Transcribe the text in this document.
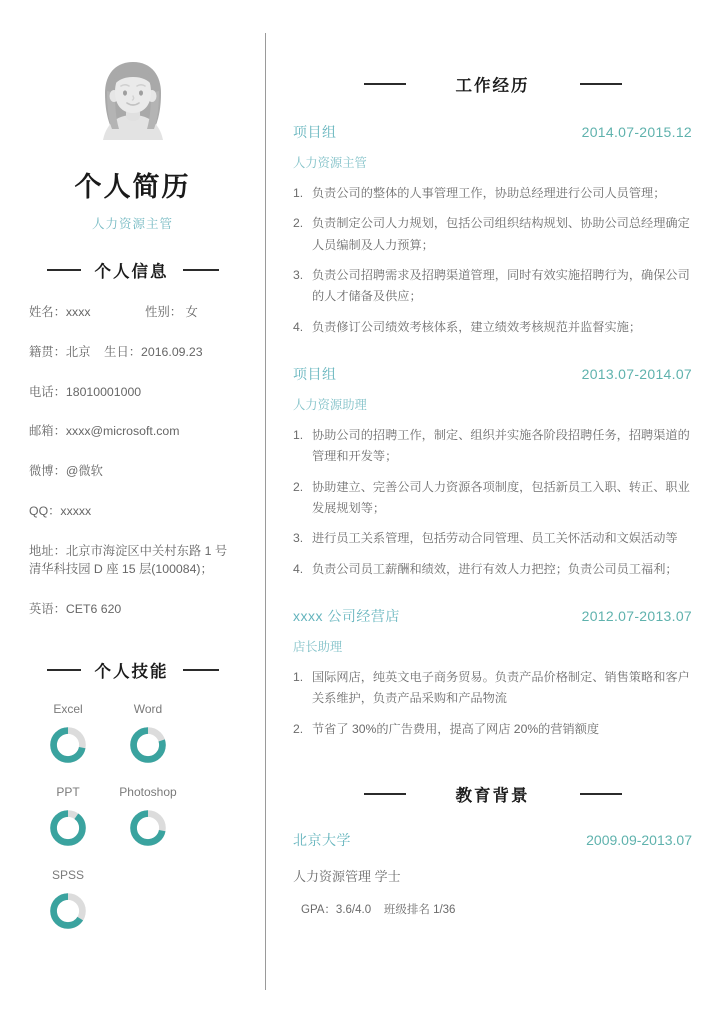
个人简历
人力资源主管
个人信息
姓名：xxxx                性别： 女
籍贯：北京    生日：2016.09.23
电话：18010001000
邮箱：xxxx@microsoft.com
微博：@微软
QQ：xxxxx
地址：北京市海淀区中关村东路 1 号清华科技园 D 座 15 层(100084)；
英语：CET6 620
个人技能
Excel	Word
PPT	Photoshop
SPSS
工作经历
项目组	2014.07-2015.12
人力资源主管
1. 负责公司的整体的人事管理工作，协助总经理进行公司人员管理；
2. 负责制定公司人力规划，包括公司组织结构规划、协助公司总经理确定人员编制及人力预算；
3. 负责公司招聘需求及招聘渠道管理，同时有效实施招聘行为，确保公司的人才储备及供应；
4. 负责修订公司绩效考核体系，建立绩效考核规范并监督实施；
项目组	2013.07-2014.07
人力资源助理
1. 协助公司的招聘工作，制定、组织并实施各阶段招聘任务，招聘渠道的管理和开发等；
2. 协助建立、完善公司人力资源各项制度，包括新员工入职、转正、职业发展规划等；
3. 进行员工关系管理，包括劳动合同管理、员工关怀活动和文娱活动等
4. 负责公司员工薪酬和绩效，进行有效人力把控；负责公司员工福利；
xxxx 公司经营店	2012.07-2013.07
店长助理
1. 国际网店，纯英文电子商务贸易。负责产品价格制定、销售策略和客户关系维护，负责产品采购和产品物流
2. 节省了 30%的广告费用，提高了网店 20%的营销额度
教育背景
北京大学	2009.09-2013.07
人力资源管理 学士
GPA：3.6/4.0    班级排名 1/36
